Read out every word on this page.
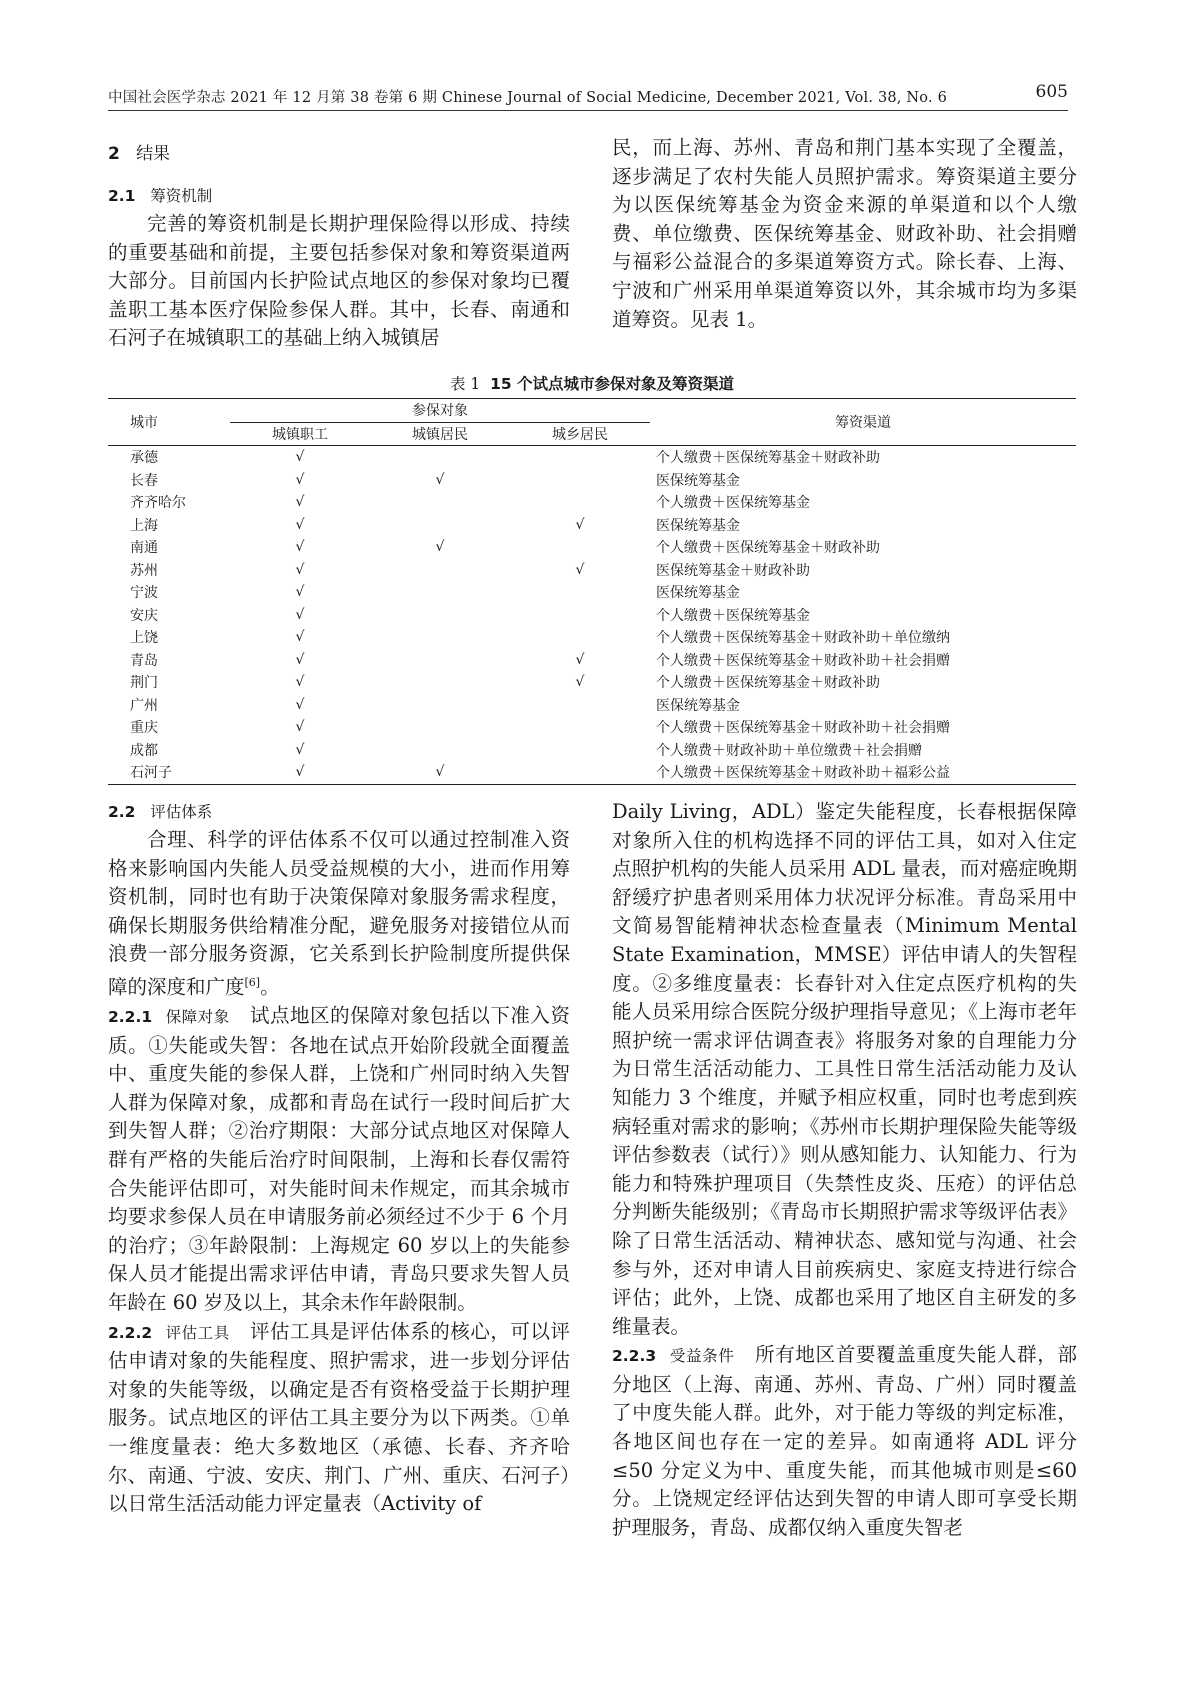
中国社会医学杂志 2021 年 12 月第 38 卷第 6 期 Chinese Journal of Social Medicine, December 2021, Vol. 38, No. 6	605

2 结果

2.1 筹资机制

完善的筹资机制是长期护理保险得以形成、持续的重要基础和前提，主要包括参保对象和筹资渠道两大部分。目前国内长护险试点地区的参保对象均已覆盖职工基本医疗保险参保人群。其中，长春、南通和石河子在城镇职工的基础上纳入城镇居

民，而上海、苏州、青岛和荆门基本实现了全覆盖，逐步满足了农村失能人员照护需求。筹资渠道主要分为以医保统筹基金为资金来源的单渠道和以个人缴费、单位缴费、医保统筹基金、财政补助、社会捐赠与福彩公益混合的多渠道筹资方式。除长春、上海、宁波和广州采用单渠道筹资以外，其余城市均为多渠道筹资。见表 1。

表 1 15 个试点城市参保对象及筹资渠道
城市	参保对象			筹资渠道
	城镇职工	城镇居民	城乡居民	
承德	√			个人缴费＋医保统筹基金＋财政补助
长春	√	√		医保统筹基金
齐齐哈尔	√			个人缴费＋医保统筹基金
上海	√		√	医保统筹基金
南通	√	√		个人缴费＋医保统筹基金＋财政补助
苏州	√		√	医保统筹基金＋财政补助
宁波	√			医保统筹基金
安庆	√			个人缴费＋医保统筹基金
上饶	√			个人缴费＋医保统筹基金＋财政补助＋单位缴纳
青岛	√		√	个人缴费＋医保统筹基金＋财政补助＋社会捐赠
荆门	√		√	个人缴费＋医保统筹基金＋财政补助
广州	√			医保统筹基金
重庆	√			个人缴费＋医保统筹基金＋财政补助＋社会捐赠
成都	√			个人缴费＋财政补助＋单位缴费＋社会捐赠
石河子	√	√		个人缴费＋医保统筹基金＋财政补助＋福彩公益

2.2 评估体系

合理、科学的评估体系不仅可以通过控制准入资格来影响国内失能人员受益规模的大小，进而作用筹资机制，同时也有助于决策保障对象服务需求程度，确保长期服务供给精准分配，避免服务对接错位从而浪费一部分服务资源，它关系到长护险制度所提供保障的深度和广度[6]。

2.2.1 保障对象 试点地区的保障对象包括以下准入资质。①失能或失智：各地在试点开始阶段就全面覆盖中、重度失能的参保人群，上饶和广州同时纳入失智人群为保障对象，成都和青岛在试行一段时间后扩大到失智人群；②治疗期限：大部分试点地区对保障人群有严格的失能后治疗时间限制，上海和长春仅需符合失能评估即可，对失能时间未作规定，而其余城市均要求参保人员在申请服务前必须经过不少于 6 个月的治疗；③年龄限制：上海规定 60 岁以上的失能参保人员才能提出需求评估申请，青岛只要求失智人员年龄在 60 岁及以上，其余未作年龄限制。

2.2.2 评估工具 评估工具是评估体系的核心，可以评估申请对象的失能程度、照护需求，进一步划分评估对象的失能等级，以确定是否有资格受益于长期护理服务。试点地区的评估工具主要分为以下两类。①单一维度量表：绝大多数地区（承德、长春、齐齐哈尔、南通、宁波、安庆、荆门、广州、重庆、石河子）以日常生活活动能力评定量表（Activity of

Daily Living，ADL）鉴定失能程度，长春根据保障对象所入住的机构选择不同的评估工具，如对入住定点照护机构的失能人员采用 ADL 量表，而对癌症晚期舒缓疗护患者则采用体力状况评分标准。青岛采用中文简易智能精神状态检查量表（Minimum Mental State Examination，MMSE）评估申请人的失智程度。②多维度量表：长春针对入住定点医疗机构的失能人员采用综合医院分级护理指导意见；《上海市老年照护统一需求评估调查表》将服务对象的自理能力分为日常生活活动能力、工具性日常生活活动能力及认知能力 3 个维度，并赋予相应权重，同时也考虑到疾病轻重对需求的影响；《苏州市长期护理保险失能等级评估参数表（试行）》则从感知能力、认知能力、行为能力和特殊护理项目（失禁性皮炎、压疮）的评估总分判断失能级别；《青岛市长期照护需求等级评估表》除了日常生活活动、精神状态、感知觉与沟通、社会参与外，还对申请人目前疾病史、家庭支持进行综合评估；此外，上饶、成都也采用了地区自主研发的多维量表。

2.2.3 受益条件 所有地区首要覆盖重度失能人群，部分地区（上海、南通、苏州、青岛、广州）同时覆盖了中度失能人群。此外，对于能力等级的判定标准，各地区间也存在一定的差异。如南通将 ADL 评分≤50 分定义为中、重度失能，而其他城市则是≤60 分。上饶规定经评估达到失智的申请人即可享受长期护理服务，青岛、成都仅纳入重度失智老
